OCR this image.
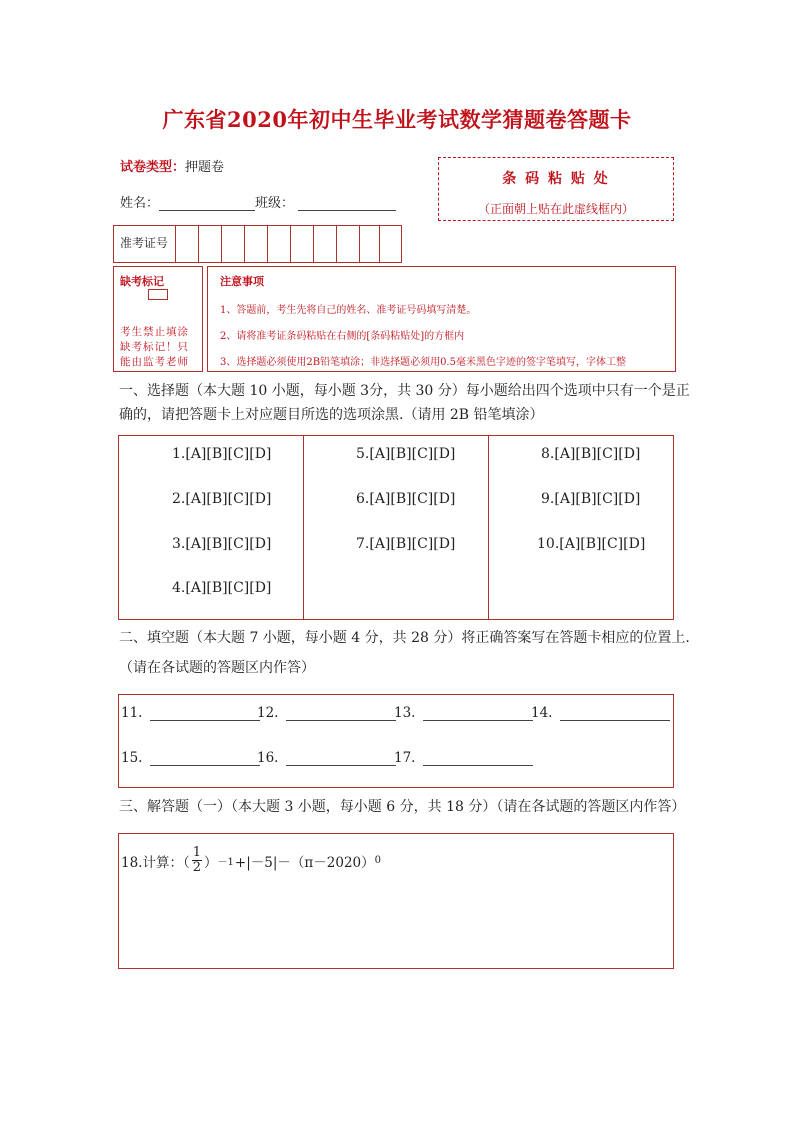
广东省2020年初中生毕业考试数学猜题卷答题卡
试卷类型：押题卷
姓名：	班级：
条 码 粘 贴 处
（正面朝上贴在此虚线框内）
准考证号
缺考标记
考生禁止填涂缺考标记！只能由监考老师
注意事项
1、答题前，考生先将自己的姓名、准考证号码填写清楚。
2、请将准考证条码粘贴在右侧的[条码粘贴处]的方框内
3、选择题必须使用2B铅笔填涂；非选择题必须用0.5毫米黑色字迹的签字笔填写，字体工整
一、选择题（本大题 10 小题，每小题 3分，共 30 分）每小题给出四个选项中只有一个是正
确的，请把答题卡上对应题目所选的选项涂黑.（请用 2B 铅笔填涂）
1.[A][B][C][D]
2.[A][B][C][D]
3.[A][B][C][D]
4.[A][B][C][D]
5.[A][B][C][D]
6.[A][B][C][D]
7.[A][B][C][D]
8.[A][B][C][D]
9.[A][B][C][D]
10.[A][B][C][D]
二、填空题（本大题 7 小题，每小题 4 分，共 28 分）将正确答案写在答题卡相应的位置上.
（请在各试题的答题区内作答）
11.	12.	13.	14.
15.	16.	17.
三、解答题（一）（本大题 3 小题，每小题 6 分，共 18 分）（请在各试题的答题区内作答）
18.计算：（ $\frac{1}{2}$ ） －1 +|－5|－（π－2020） 0
